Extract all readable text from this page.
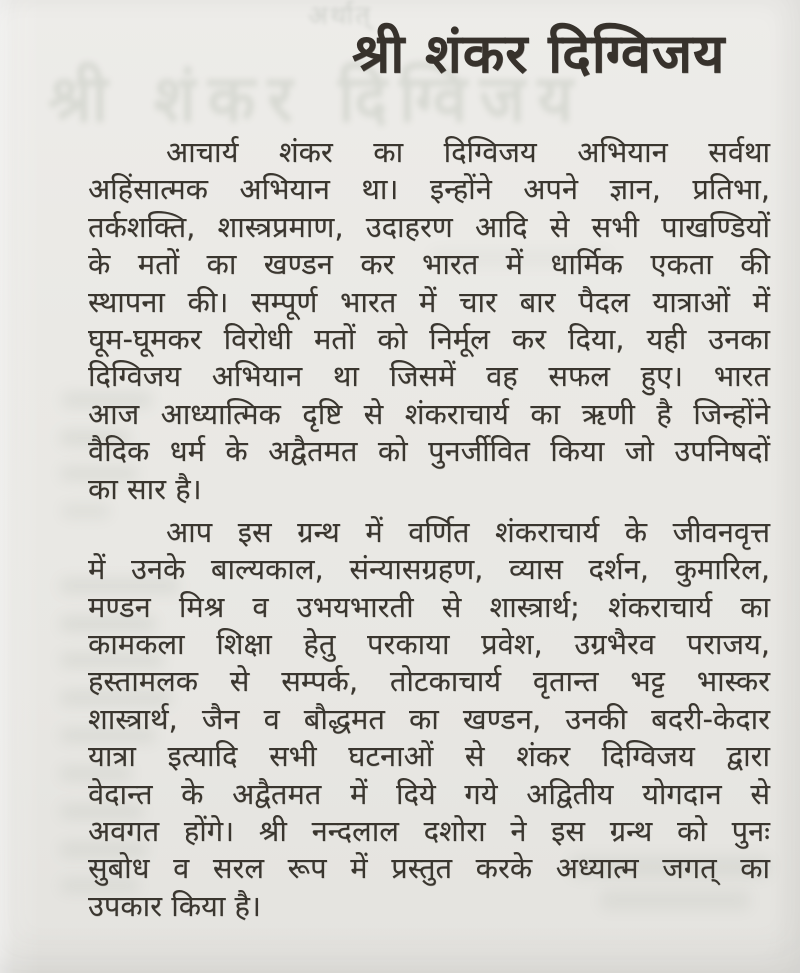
अर्थात्
श्री शंकर दिग्विजय
श्री शंकर दिग्विजय
आचार्य शंकर का दिग्विजय अभियान सर्वथा
अहिंसात्मक अभियान था। इन्होंने अपने ज्ञान, प्रतिभा,
तर्कशक्ति, शास्त्रप्रमाण, उदाहरण आदि से सभी पाखण्डियों
के मतों का खण्डन कर भारत में धार्मिक एकता की
स्थापना की। सम्पूर्ण भारत में चार बार पैदल यात्राओं में
घूम-घूमकर विरोधी मतों को निर्मूल कर दिया, यही उनका
दिग्विजय अभियान था जिसमें वह सफल हुए। भारत
आज आध्यात्मिक दृष्टि से शंकराचार्य का ऋणी है जिन्होंने
वैदिक धर्म के अद्वैतमत को पुनर्जीवित किया जो उपनिषदों
का सार है।
आप इस ग्रन्थ में वर्णित शंकराचार्य के जीवनवृत्त
में उनके बाल्यकाल, संन्यासग्रहण, व्यास दर्शन, कुमारिल,
मण्डन मिश्र व उभयभारती से शास्त्रार्थ; शंकराचार्य का
कामकला शिक्षा हेतु परकाया प्रवेश, उग्रभैरव पराजय,
हस्तामलक से सम्पर्क, तोटकाचार्य वृतान्त भट्ट भास्कर
शास्त्रार्थ, जैन व बौद्धमत का खण्डन, उनकी बदरी-केदार
यात्रा इत्यादि सभी घटनाओं से शंकर दिग्विजय द्वारा
वेदान्त के अद्वैतमत में दिये गये अद्वितीय योगदान से
अवगत होंगे। श्री नन्दलाल दशोरा ने इस ग्रन्थ को पुनः
सुबोध व सरल रूप में प्रस्तुत करके अध्यात्म जगत् का
उपकार किया है।
